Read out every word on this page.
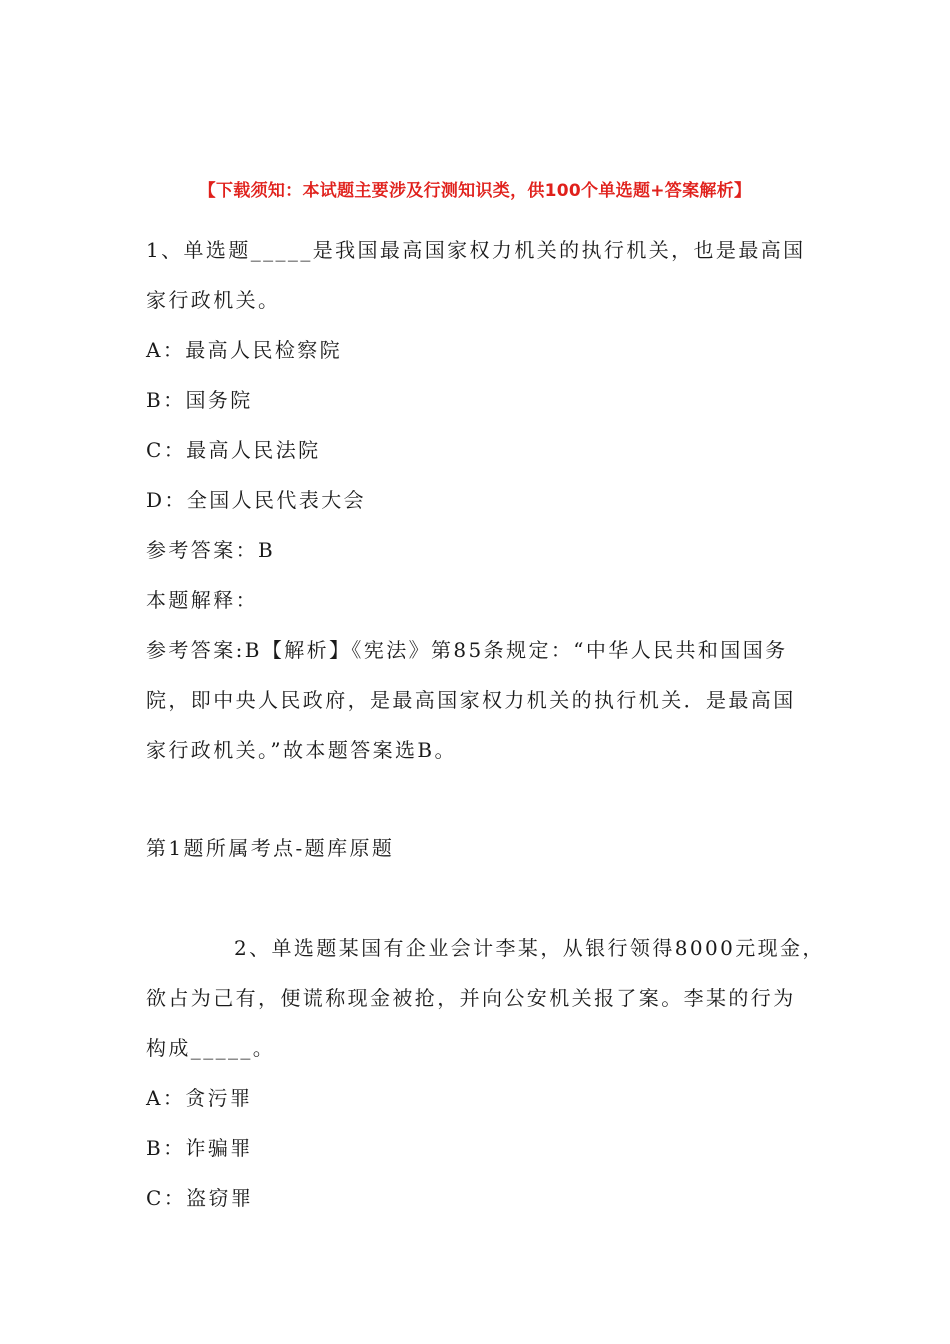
【下载须知：本试题主要涉及行测知识类，供100个单选题+答案解析】
1、单选题_____是我国最高国家权力机关的执行机关，也是最高国
家行政机关。
A：最高人民检察院
B：国务院
C：最高人民法院
D：全国人民代表大会
参考答案：B
本题解释：
参考答案:B【解析】《宪法》第85条规定：“中华人民共和国国务
院，即中央人民政府，是最高国家权力机关的执行机关．是最高国
家行政机关。”故本题答案选B。
第1题所属考点-题库原题
2、单选题某国有企业会计李某，从银行领得8000元现金，
欲占为己有，便谎称现金被抢，并向公安机关报了案。李某的行为
构成_____。
A：贪污罪
B：诈骗罪
C：盗窃罪
